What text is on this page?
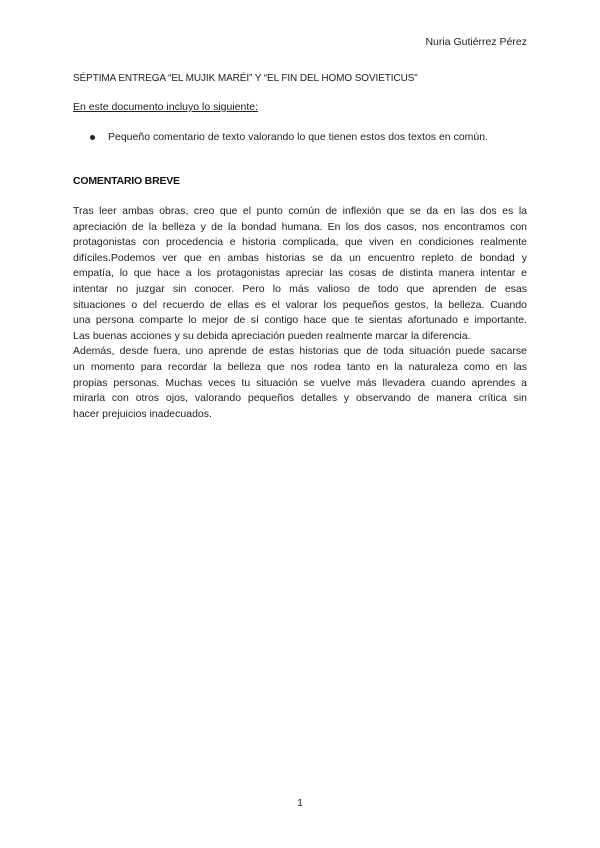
Nuria Gutiérrez Pérez
SÉPTIMA ENTREGA “EL MUJIK MARÉI” Y “EL FIN DEL HOMO SOVIETICUS”
En este documento incluyo lo siguiente:
Pequeño comentario de texto valorando lo que tienen estos dos textos en común.
COMENTARIO BREVE
Tras leer ambas obras, creo que el punto común de inflexión que se da en las dos es la
apreciación de la belleza y de la bondad humana. En los dos casos, nos encontramos con
protagonistas con procedencia e historia complicada, que viven en condiciones realmente
difíciles.Podemos ver que en ambas historias se da un encuentro repleto de bondad y
empatía, lo que hace a los protagonistas apreciar las cosas de distinta manera intentar e
intentar no juzgar sin conocer. Pero lo más valioso de todo que aprenden de esas
situaciones o del recuerdo de ellas es el valorar los pequeños gestos, la belleza. Cuando
una persona comparte lo mejor de sí contigo hace que te sientas afortunado e importante.
Las buenas acciones y su debida apreciación pueden realmente marcar la diferencia.
Además, desde fuera, uno aprende de estas historias que de toda situación puede sacarse
un momento para recordar la belleza que nos rodea tanto en la naturaleza como en las
propias personas. Muchas veces tu situación se vuelve más llevadera cuando aprendes a
mirarla con otros ojos, valorando pequeños detalles y observando de manera crítica sin
hacer prejuicios inadecuados.
1
